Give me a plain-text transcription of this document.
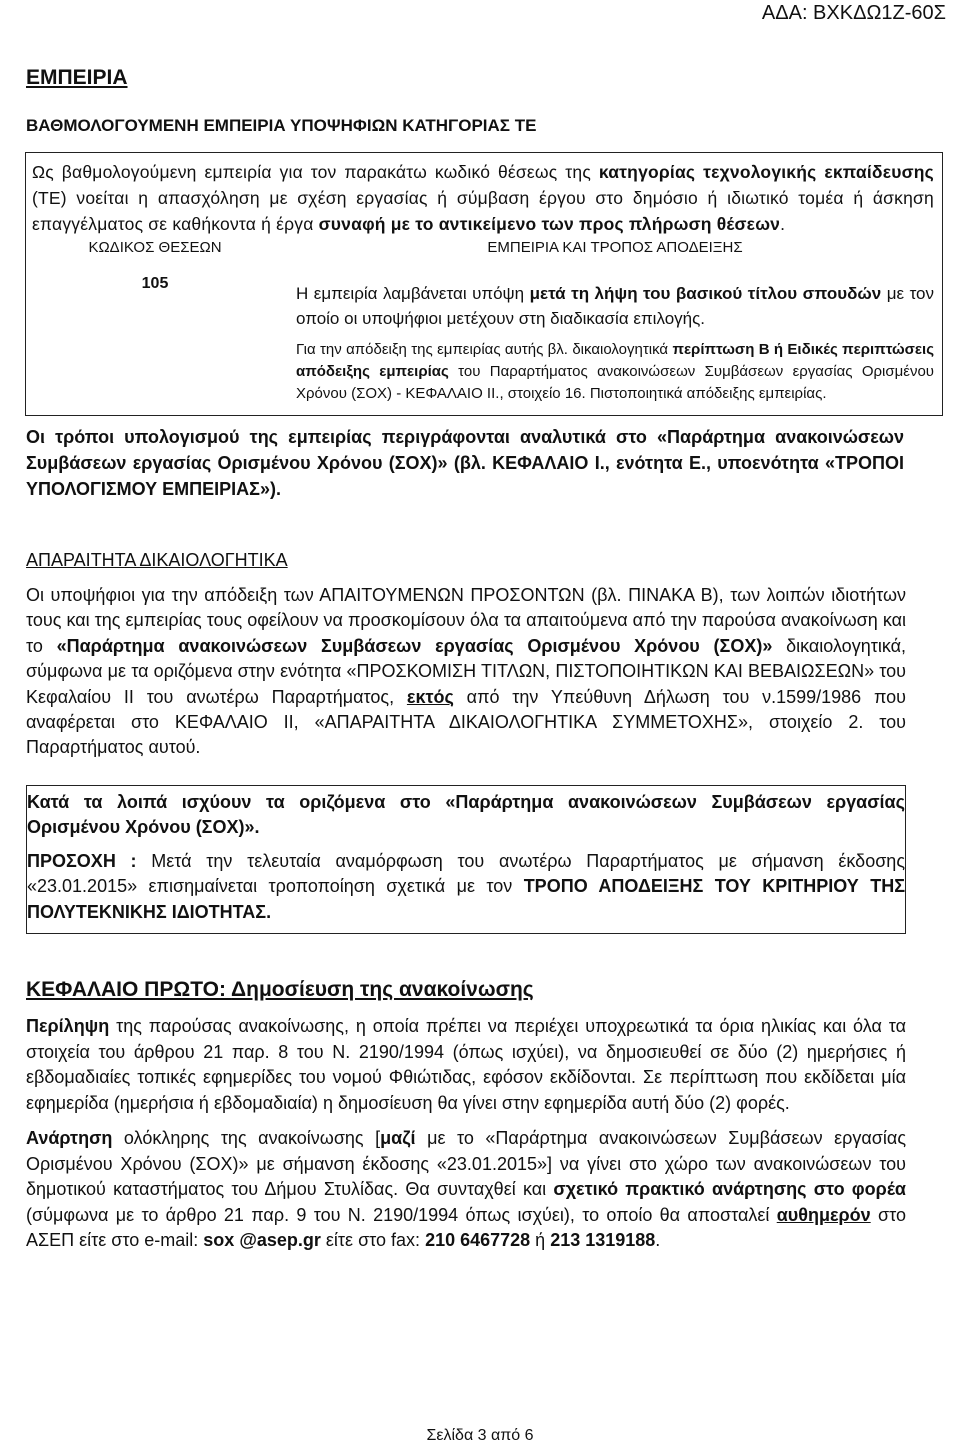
ΑΔΑ: ΒΧΚΔΩ1Ζ-60Σ
ΕΜΠΕΙΡΙΑ
ΒΑΘΜΟΛΟΓΟΥΜΕΝΗ ΕΜΠΕΙΡΙΑ ΥΠΟΨΗΦΙΩΝ ΚΑΤΗΓΟΡΙΑΣ ΤΕ

Ως βαθμολογούμενη εμπειρία για τον παρακάτω κωδικό θέσεως της κατηγορίας τεχνολογικής εκπαίδευσης (ΤΕ) νοείται η απασχόληση με σχέση εργασίας ή σύμβαση έργου στο δημόσιο ή ιδιωτικό τομέα ή άσκηση επαγγέλματος σε καθήκοντα ή έργα συναφή με το αντικείμενο των προς πλήρωση θέσεων.

ΚΩΔΙΚΟΣ ΘΕΣΕΩΝ	ΕΜΠΕΙΡΙΑ ΚΑΙ ΤΡΟΠΟΣ ΑΠΟΔΕΙΞΗΣ
105	Η εμπειρία λαμβάνεται υπόψη μετά τη λήψη του βασικού τίτλου σπουδών με τον οποίο οι υποψήφιοι μετέχουν στη διαδικασία επιλογής.

Για την απόδειξη της εμπειρίας αυτής βλ. δικαιολογητικά περίπτωση Β ή Ειδικές περιπτώσεις απόδειξης εμπειρίας του Παραρτήματος ανακοινώσεων Συμβάσεων εργασίας Ορισμένου Χρόνου (ΣΟΧ) - ΚΕΦΑΛΑΙΟ ΙΙ., στοιχείο 16. Πιστοποιητικά απόδειξης εμπειρίας.

Οι τρόποι υπολογισμού της εμπειρίας περιγράφονται αναλυτικά στο «Παράρτημα ανακοινώσεων Συμβάσεων εργασίας Ορισμένου Χρόνου (ΣΟΧ)» (βλ. ΚΕΦΑΛΑΙΟ Ι., ενότητα Ε., υποενότητα «ΤΡΟΠΟΙ ΥΠΟΛΟΓΙΣΜΟΥ ΕΜΠΕΙΡΙΑΣ»).

ΑΠΑΡΑΙΤΗΤΑ ΔΙΚΑΙΟΛΟΓΗΤΙΚΑ

Οι υποψήφιοι για την απόδειξη των ΑΠΑΙΤΟΥΜΕΝΩΝ ΠΡΟΣΟΝΤΩΝ (βλ. ΠΙΝΑΚΑ Β), των λοιπών ιδιοτήτων τους και της εμπειρίας τους οφείλουν να προσκομίσουν όλα τα απαιτούμενα από την παρούσα ανακοίνωση και το «Παράρτημα ανακοινώσεων Συμβάσεων εργασίας Ορισμένου Χρόνου (ΣΟΧ)» δικαιολογητικά, σύμφωνα με τα οριζόμενα στην ενότητα «ΠΡΟΣΚΟΜΙΣΗ ΤΙΤΛΩΝ, ΠΙΣΤΟΠΟΙΗΤΙΚΩΝ ΚΑΙ ΒΕΒΑΙΩΣΕΩΝ» του Κεφαλαίου ΙΙ του ανωτέρω Παραρτήματος, εκτός από την Υπεύθυνη Δήλωση του ν.1599/1986 που αναφέρεται στο ΚΕΦΑΛΑΙΟ ΙΙ, «ΑΠΑΡΑΙΤΗΤΑ ΔΙΚΑΙΟΛΟΓΗΤΙΚΑ ΣΥΜΜΕΤΟΧΗΣ», στοιχείο 2. του Παραρτήματος αυτού.

Κατά τα λοιπά ισχύουν τα οριζόμενα στο «Παράρτημα ανακοινώσεων Συμβάσεων εργασίας Ορισμένου Χρόνου (ΣΟΧ)».

ΠΡΟΣΟΧΗ : Μετά την τελευταία αναμόρφωση του ανωτέρω Παραρτήματος με σήμανση έκδοσης «23.01.2015» επισημαίνεται τροποποίηση σχετικά με τον ΤΡΟΠΟ ΑΠΟΔΕΙΞΗΣ ΤΟΥ ΚΡΙΤΗΡΙΟΥ ΤΗΣ ΠΟΛΥΤΕΚΝΙΚΗΣ ΙΔΙΟΤΗΤΑΣ.

ΚΕΦΑΛΑΙΟ ΠΡΩΤΟ: Δημοσίευση της ανακοίνωσης

Περίληψη της παρούσας ανακοίνωσης, η οποία πρέπει να περιέχει υποχρεωτικά τα όρια ηλικίας και όλα τα στοιχεία του άρθρου 21 παρ. 8 του Ν. 2190/1994 (όπως ισχύει), να δημοσιευθεί σε δύο (2) ημερήσιες ή εβδομαδιαίες τοπικές εφημερίδες του νομού Φθιώτιδας, εφόσον εκδίδονται. Σε περίπτωση που εκδίδεται μία εφημερίδα (ημερήσια ή εβδομαδιαία) η δημοσίευση θα γίνει στην εφημερίδα αυτή δύο (2) φορές.

Ανάρτηση ολόκληρης της ανακοίνωσης [μαζί με το «Παράρτημα ανακοινώσεων Συμβάσεων εργασίας Ορισμένου Χρόνου (ΣΟΧ)» με σήμανση έκδοσης «23.01.2015»] να γίνει στο χώρο των ανακοινώσεων του δημοτικού καταστήματος του Δήμου Στυλίδας. Θα συνταχθεί και σχετικό πρακτικό ανάρτησης στο φορέα (σύμφωνα με το άρθρο 21 παρ. 9 του Ν. 2190/1994 όπως ισχύει), το οποίο θα αποσταλεί αυθημερόν στο ΑΣΕΠ είτε στο e-mail: sox @asep.gr είτε στο fax: 210 6467728 ή 213 1319188.

Σελίδα 3 από 6
